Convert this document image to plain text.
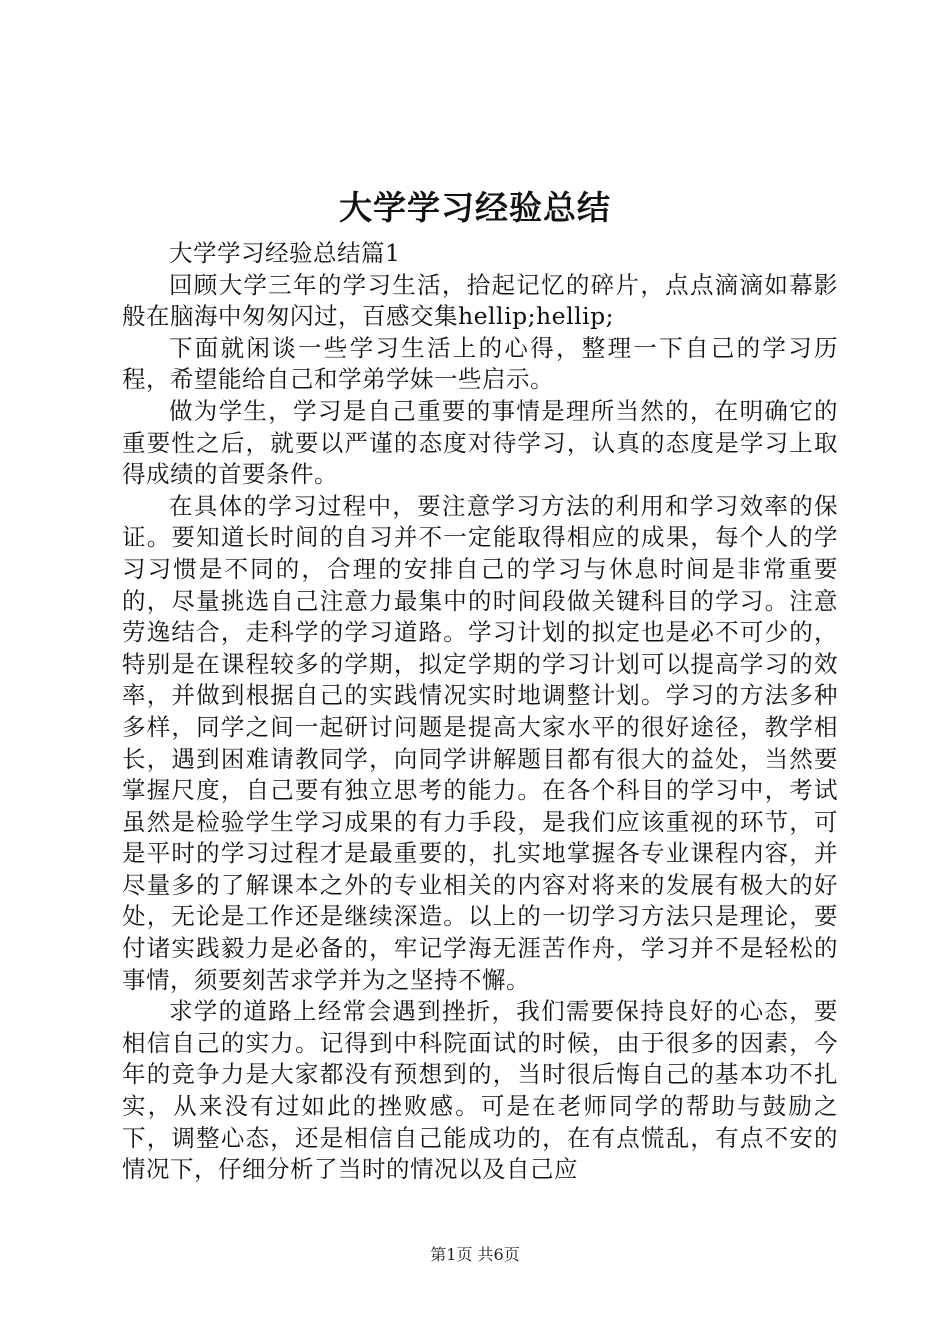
大学学习经验总结

大学学习经验总结篇1

回顾大学三年的学习生活，拾起记忆的碎片，点点滴滴如幕影般在脑海中匆匆闪过，百感交集hellip;hellip;

下面就闲谈一些学习生活上的心得，整理一下自己的学习历程，希望能给自己和学弟学妹一些启示。

做为学生，学习是自己重要的事情是理所当然的，在明确它的重要性之后，就要以严谨的态度对待学习，认真的态度是学习上取得成绩的首要条件。

在具体的学习过程中，要注意学习方法的利用和学习效率的保证。要知道长时间的自习并不一定能取得相应的成果，每个人的学习习惯是不同的，合理的安排自己的学习与休息时间是非常重要的，尽量挑选自己注意力最集中的时间段做关键科目的学习。注意劳逸结合，走科学的学习道路。学习计划的拟定也是必不可少的，特别是在课程较多的学期，拟定学期的学习计划可以提高学习的效率，并做到根据自己的实践情况实时地调整计划。学习的方法多种多样，同学之间一起研讨问题是提高大家水平的很好途径，教学相长，遇到困难请教同学，向同学讲解题目都有很大的益处，当然要掌握尺度，自己要有独立思考的能力。在各个科目的学习中，考试虽然是检验学生学习成果的有力手段，是我们应该重视的环节，可是平时的学习过程才是最重要的，扎实地掌握各专业课程内容，并尽量多的了解课本之外的专业相关的内容对将来的发展有极大的好处，无论是工作还是继续深造。以上的一切学习方法只是理论，要付诸实践毅力是必备的，牢记学海无涯苦作舟，学习并不是轻松的事情，须要刻苦求学并为之坚持不懈。

求学的道路上经常会遇到挫折，我们需要保持良好的心态，要相信自己的实力。记得到中科院面试的时候，由于很多的因素，今年的竞争力是大家都没有预想到的，当时很后悔自己的基本功不扎实，从来没有过如此的挫败感。可是在老师同学的帮助与鼓励之下，调整心态，还是相信自己能成功的，在有点慌乱，有点不安的情况下，仔细分析了当时的情况以及自己应

第1页 共6页
